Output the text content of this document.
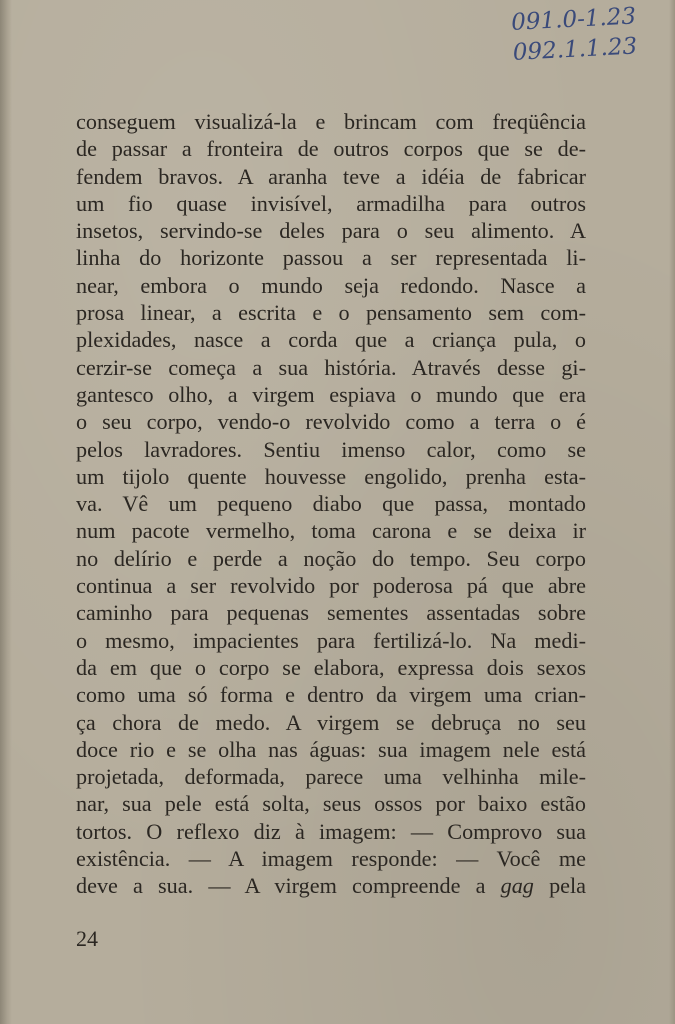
091.0-1.23
092.1.1.23
conseguem visualizá-la e brincam com freqüência
de passar a fronteira de outros corpos que se de-
fendem bravos. A aranha teve a idéia de fabricar
um fio quase invisível, armadilha para outros
insetos, servindo-se deles para o seu alimento. A
linha do horizonte passou a ser representada li-
near, embora o mundo seja redondo. Nasce a
prosa linear, a escrita e o pensamento sem com-
plexidades, nasce a corda que a criança pula, o
cerzir-se começa a sua história. Através desse gi-
gantesco olho, a virgem espiava o mundo que era
o seu corpo, vendo-o revolvido como a terra o é
pelos lavradores. Sentiu imenso calor, como se
um tijolo quente houvesse engolido, prenha esta-
va. Vê um pequeno diabo que passa, montado
num pacote vermelho, toma carona e se deixa ir
no delírio e perde a noção do tempo. Seu corpo
continua a ser revolvido por poderosa pá que abre
caminho para pequenas sementes assentadas sobre
o mesmo, impacientes para fertilizá-lo. Na medi-
da em que o corpo se elabora, expressa dois sexos
como uma só forma e dentro da virgem uma crian-
ça chora de medo. A virgem se debruça no seu
doce rio e se olha nas águas: sua imagem nele está
projetada, deformada, parece uma velhinha mile-
nar, sua pele está solta, seus ossos por baixo estão
tortos. O reflexo diz à imagem: — Comprovo sua
existência. — A imagem responde: — Você me
deve a sua. — A virgem compreende a gag pela
24
